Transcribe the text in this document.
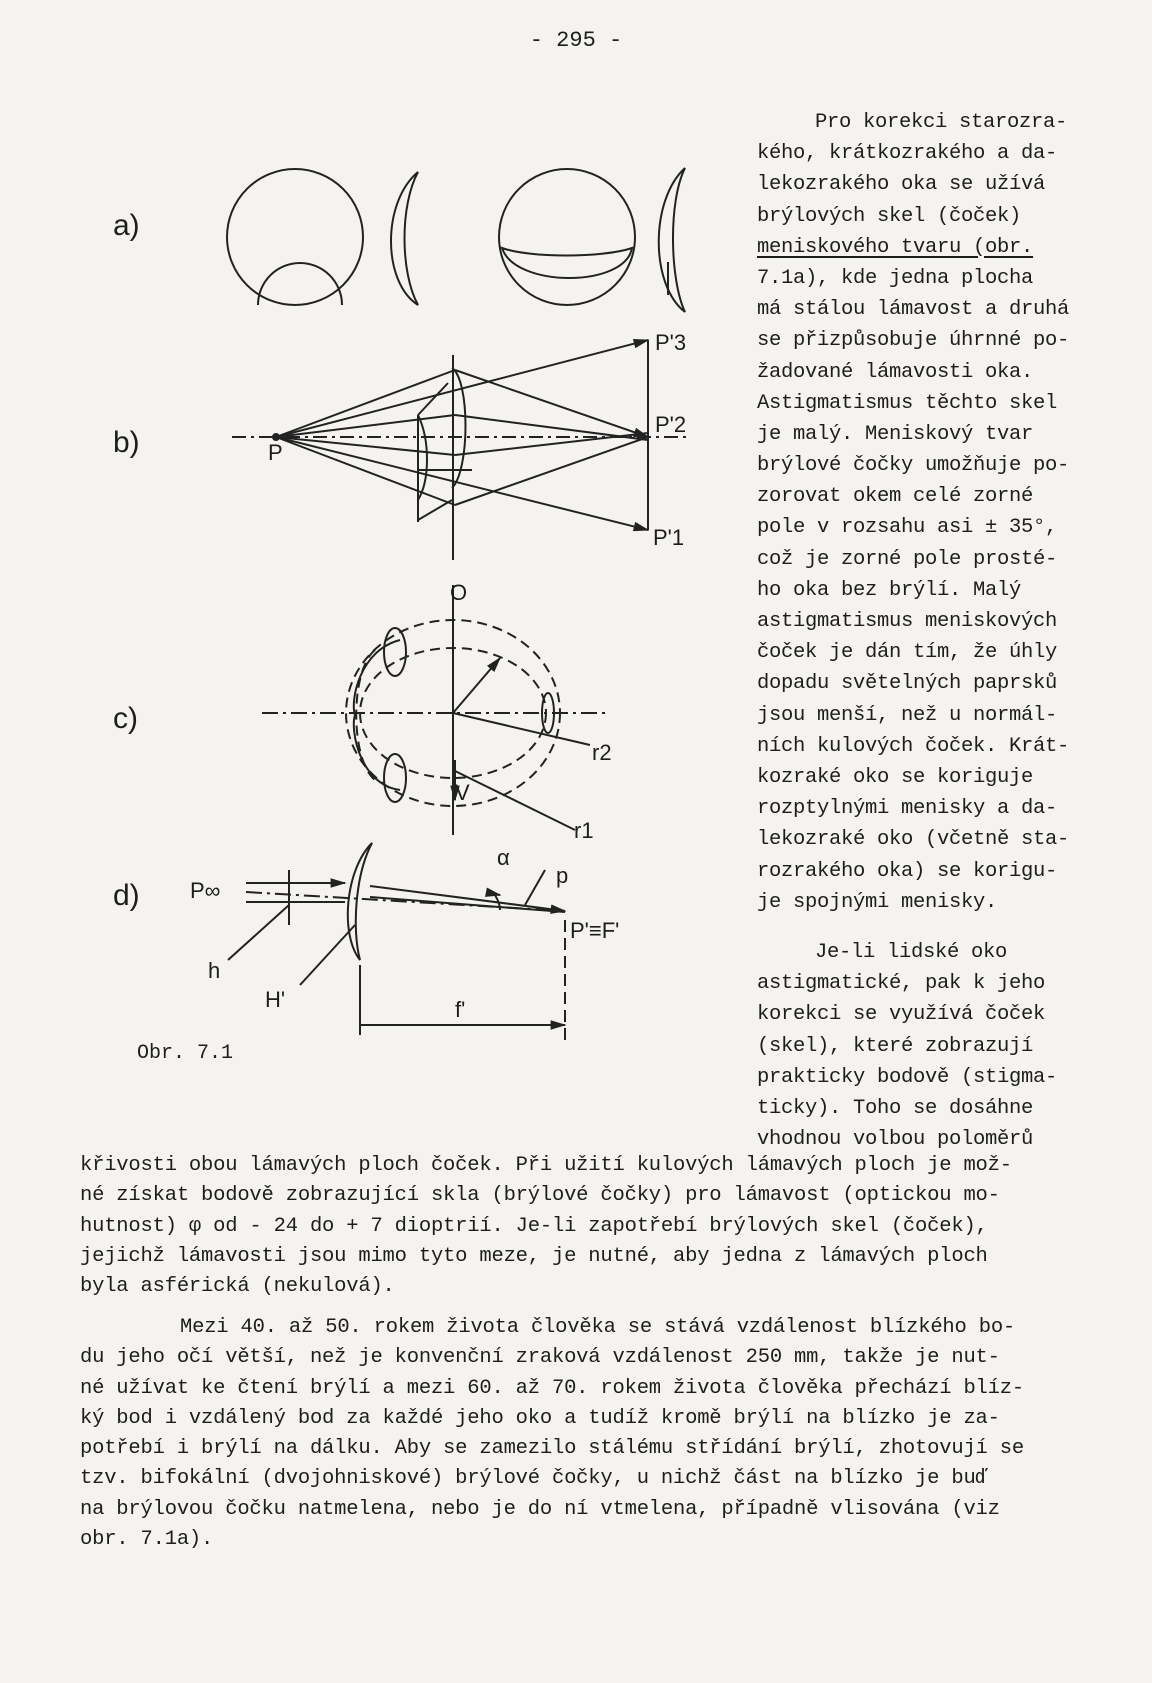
- 295 -
a)
b)
c)
d)
P
P'3
P'2
P'1
O
r2
r1
V
α
p
P∞
h
H'
P'≡F'
f'
Obr. 7.1
Pro korekci starozra-
kého, krátkozrakého a da-
lekozrakého oka se užívá
brýlových skel (čoček)
meniskového tvaru (obr.
7.1a), kde jedna plocha
má stálou lámavost a druhá
se přizpůsobuje úhrnné po-
žadované lámavosti oka.
Astigmatismus těchto skel
je malý. Meniskový tvar
brýlové čočky umožňuje po-
zorovat okem celé zorné
pole v rozsahu asi ± 35°,
což je zorné pole prosté-
ho oka bez brýlí. Malý
astigmatismus meniskových
čoček je dán tím, že úhly
dopadu světelných paprsků
jsou menší, než u normál-
ních kulových čoček. Krát-
kozraké oko se koriguje
rozptylnými menisky a da-
lekozraké oko (včetně sta-
rozrakého oka) se korigu-
je spojnými menisky.
Je-li lidské oko
astigmatické, pak k jeho
korekci se využívá čoček
(skel), které zobrazují
prakticky bodově (stigma-
ticky). Toho se dosáhne
vhodnou volbou poloměrů
křivosti obou lámavých ploch čoček. Při užití kulových lámavých ploch je mož-
né získat bodově zobrazující skla (brýlové čočky) pro lámavost (optickou mo-
hutnost) φ od - 24 do + 7 dioptrií. Je-li zapotřebí brýlových skel (čoček),
jejichž lámavosti jsou mimo tyto meze, je nutné, aby jedna z lámavých ploch
byla asférická (nekulová).
Mezi 40. až 50. rokem života člověka se stává vzdálenost blízkého bo-
du jeho očí větší, než je konvenční zraková vzdálenost 250 mm, takže je nut-
né užívat ke čtení brýlí a mezi 60. až 70. rokem života člověka přechází blíz-
ký bod i vzdálený bod za každé jeho oko a tudíž kromě brýlí na blízko je za-
potřebí i brýlí na dálku. Aby se zamezilo stálému střídání brýlí, zhotovují se
tzv. bifokální (dvojohniskové) brýlové čočky, u nichž část na blízko je buď
na brýlovou čočku natmelena, nebo je do ní vtmelena, případně vlisována (viz
obr. 7.1a).
